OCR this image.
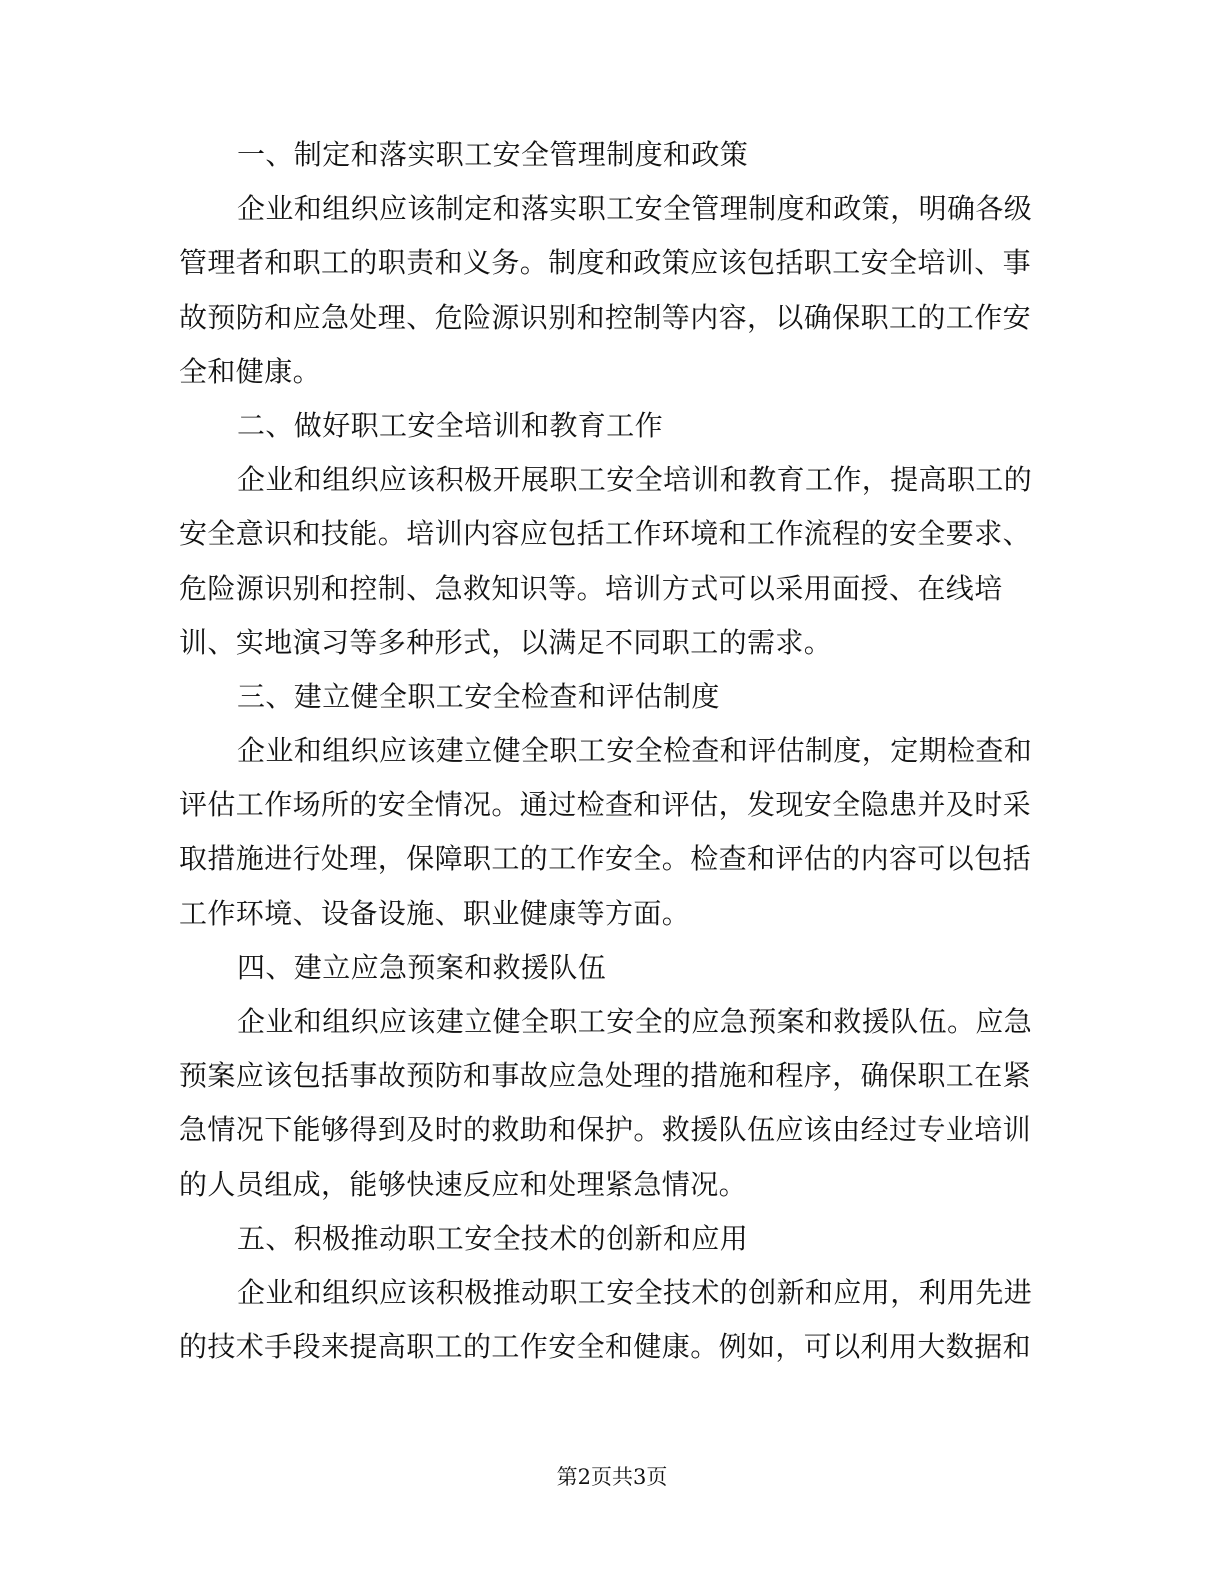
一、制定和落实职工安全管理制度和政策
企业和组织应该制定和落实职工安全管理制度和政策，明确各级
管理者和职工的职责和义务。制度和政策应该包括职工安全培训、事
故预防和应急处理、危险源识别和控制等内容，以确保职工的工作安
全和健康。
二、做好职工安全培训和教育工作
企业和组织应该积极开展职工安全培训和教育工作，提高职工的
安全意识和技能。培训内容应包括工作环境和工作流程的安全要求、
危险源识别和控制、急救知识等。培训方式可以采用面授、在线培
训、实地演习等多种形式，以满足不同职工的需求。
三、建立健全职工安全检查和评估制度
企业和组织应该建立健全职工安全检查和评估制度，定期检查和
评估工作场所的安全情况。通过检查和评估，发现安全隐患并及时采
取措施进行处理，保障职工的工作安全。检查和评估的内容可以包括
工作环境、设备设施、职业健康等方面。
四、建立应急预案和救援队伍
企业和组织应该建立健全职工安全的应急预案和救援队伍。应急
预案应该包括事故预防和事故应急处理的措施和程序，确保职工在紧
急情况下能够得到及时的救助和保护。救援队伍应该由经过专业培训
的人员组成，能够快速反应和处理紧急情况。
五、积极推动职工安全技术的创新和应用
企业和组织应该积极推动职工安全技术的创新和应用，利用先进
的技术手段来提高职工的工作安全和健康。例如，可以利用大数据和
第2页共3页
